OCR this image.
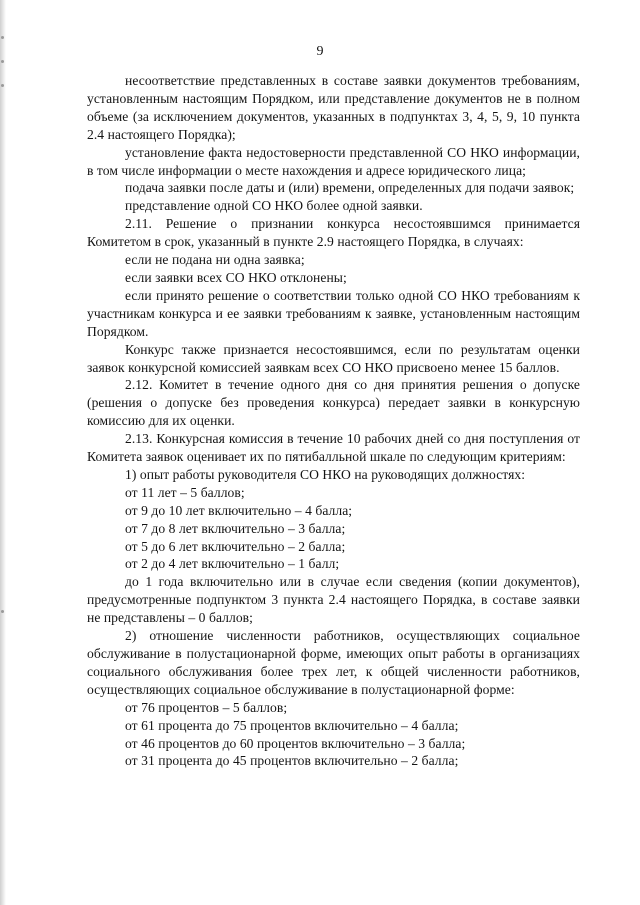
9

несоответствие представленных в составе заявки документов требованиям, установленным настоящим Порядком, или представление документов не в полном объеме (за исключением документов, указанных в подпунктах 3, 4, 5, 9, 10 пункта 2.4 настоящего Порядка);

установление факта недостоверности представленной СО НКО информации, в том числе информации о месте нахождения и адресе юридического лица;

подача заявки после даты и (или) времени, определенных для подачи заявок;

представление одной СО НКО более одной заявки.

2.11. Решение о признании конкурса несостоявшимся принимается Комитетом в срок, указанный в пункте 2.9 настоящего Порядка, в случаях:

если не подана ни одна заявка;

если заявки всех СО НКО отклонены;

если принято решение о соответствии только одной СО НКО требованиям к участникам конкурса и ее заявки требованиям к заявке, установленным настоящим Порядком.

Конкурс также признается несостоявшимся, если по результатам оценки заявок конкурсной комиссией заявкам всех СО НКО присвоено менее 15 баллов.

2.12. Комитет в течение одного дня со дня принятия решения о допуске (решения о допуске без проведения конкурса) передает заявки в конкурсную комиссию для их оценки.

2.13. Конкурсная комиссия в течение 10 рабочих дней со дня поступления от Комитета заявок оценивает их по пятибалльной шкале по следующим критериям:

1) опыт работы руководителя СО НКО на руководящих должностях:

от 11 лет – 5 баллов;

от 9 до 10 лет включительно – 4 балла;

от 7 до 8 лет включительно – 3 балла;

от 5 до 6 лет включительно – 2 балла;

от 2 до 4 лет включительно – 1 балл;

до 1 года включительно или в случае если сведения (копии документов), предусмотренные подпунктом 3 пункта 2.4 настоящего Порядка, в составе заявки не представлены – 0 баллов;

2) отношение численности работников, осуществляющих социальное обслуживание в полустационарной форме, имеющих опыт работы в организациях социального обслуживания более трех лет, к общей численности работников, осуществляющих социальное обслуживание в полустационарной форме:

от 76 процентов – 5 баллов;

от 61 процента до 75 процентов включительно – 4 балла;

от 46 процентов до 60 процентов включительно – 3 балла;

от 31 процента до 45 процентов включительно – 2 балла;
